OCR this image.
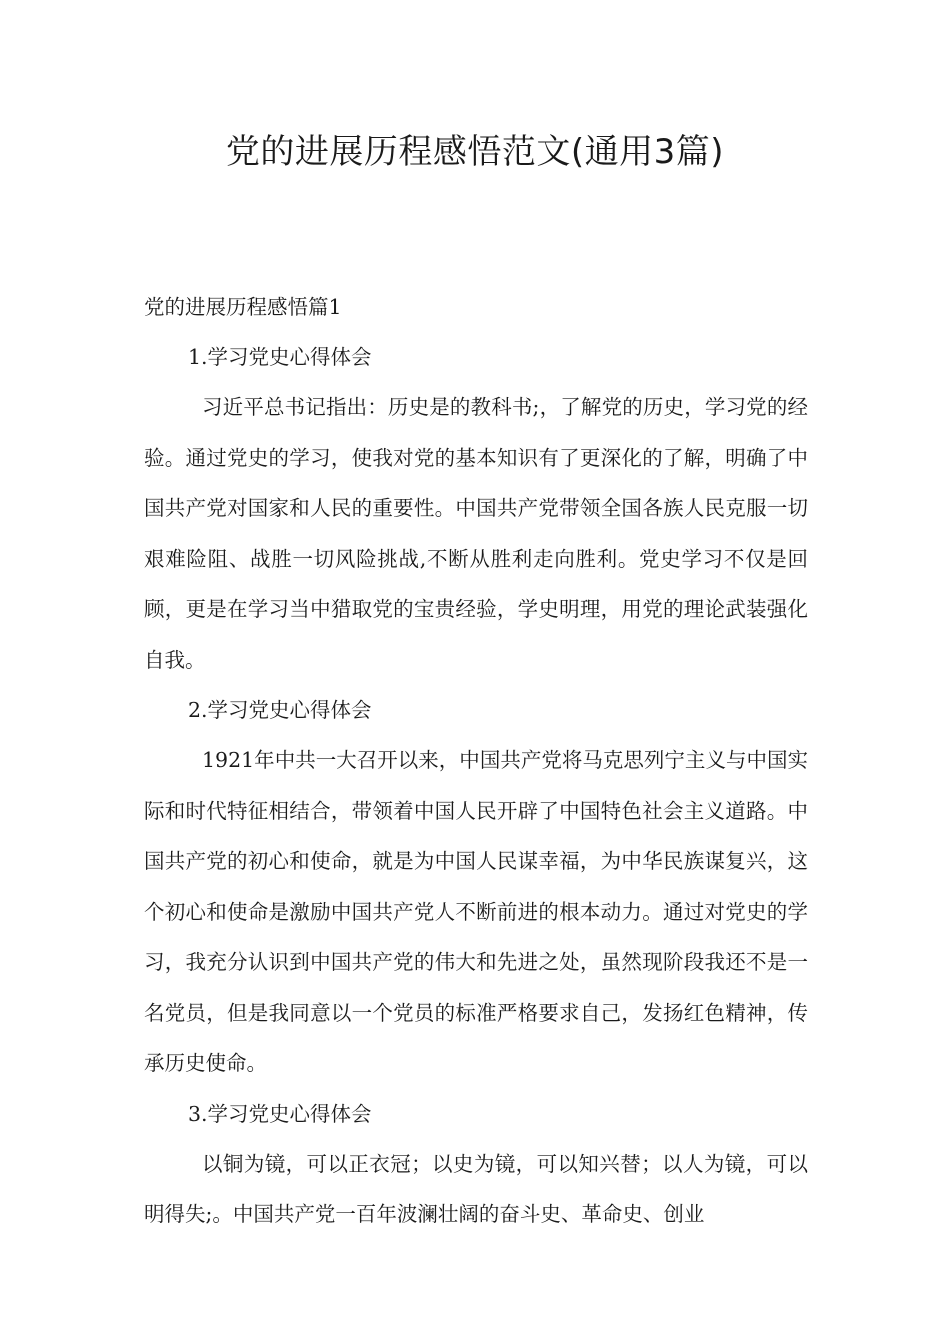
党的进展历程感悟范文(通用3篇)

党的进展历程感悟篇1

1.学习党史心得体会

习近平总书记指出：历史是的教科书;，了解党的历史，学习党的经验。通过党史的学习，使我对党的基本知识有了更深化的了解，明确了中国共产党对国家和人民的重要性。中国共产党带领全国各族人民克服一切艰难险阻、战胜一切风险挑战,不断从胜利走向胜利。党史学习不仅是回顾，更是在学习当中猎取党的宝贵经验，学史明理，用党的理论武装强化自我。

2.学习党史心得体会

1921年中共一大召开以来，中国共产党将马克思列宁主义与中国实际和时代特征相结合，带领着中国人民开辟了中国特色社会主义道路。中国共产党的初心和使命，就是为中国人民谋幸福，为中华民族谋复兴，这个初心和使命是激励中国共产党人不断前进的根本动力。通过对党史的学习，我充分认识到中国共产党的伟大和先进之处，虽然现阶段我还不是一名党员，但是我同意以一个党员的标准严格要求自己，发扬红色精神，传承历史使命。

3.学习党史心得体会

以铜为镜，可以正衣冠；以史为镜，可以知兴替；以人为镜，可以明得失;。中国共产党一百年波澜壮阔的奋斗史、革命史、创业
